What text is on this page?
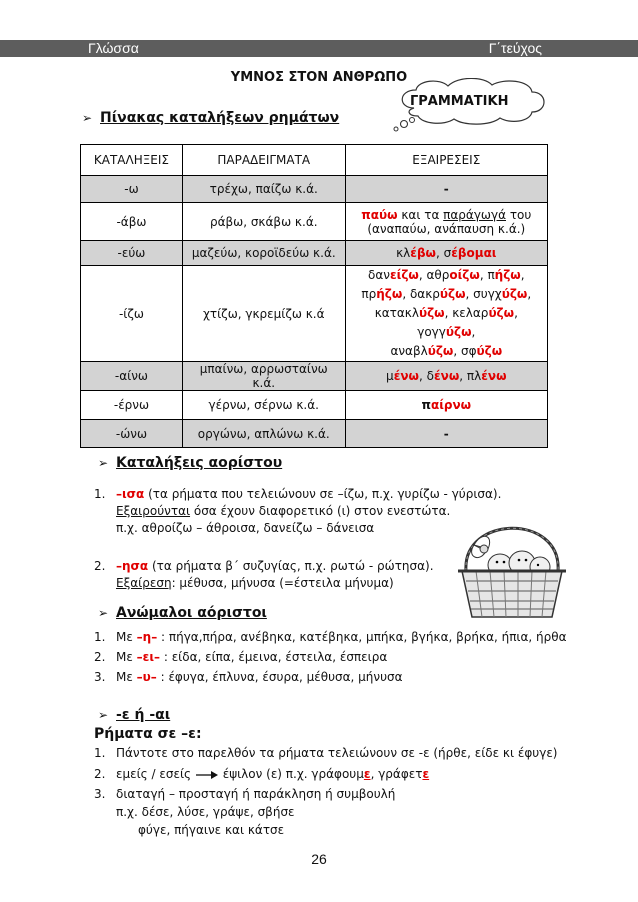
Γλώσσα	Γ΄τεύχος
ΥΜΝΟΣ ΣΤΟΝ ΑΝΘΡΩΠΟ
ΓΡΑΜΜΑΤΙΚΗ
➢ Πίνακας καταλήξεων ρημάτων
ΚΑΤΑΛΗΞΕΙΣ	ΠΑΡΑΔΕΙΓΜΑΤΑ	ΕΞΑΙΡΕΣΕΙΣ
-ω	τρέχω, παίζω κ.ά.	-
-άβω	ράβω, σκάβω κ.ά.	παύω και τα παράγωγά του
(αναπαύω, ανάπαυση κ.ά.)
-εύω	μαζεύω, κοροϊδεύω κ.ά.	κλέβω, σέβομαι
-ίζω	χτίζω, γκρεμίζω κ.ά	δανείζω, αθροίζω, πήζω,
πρήζω, δακρύζω, συγχύζω,
κατακλύζω, κελαρύζω, γογγύζω,
αναβλύζω, σφύζω
-αίνω	μπαίνω, αρρωσταίνω κ.ά.	μένω, δένω, πλένω
-έρνω	γέρνω, σέρνω κ.ά.	παίρνω
-ώνω	οργώνω, απλώνω κ.ά.	-
➢ Καταλήξεις αορίστου
1. –ισα (τα ρήματα που τελειώνουν σε –ίζω, π.χ. γυρίζω - γύρισα).
Εξαιρούνται όσα έχουν διαφορετικό (ι) στον ενεστώτα.
π.χ. αθροίζω – άθροισα, δανείζω – δάνεισα
2. –ησα (τα ρήματα β΄ συζυγίας, π.χ. ρωτώ - ρώτησα).
Εξαίρεση: μέθυσα, μήνυσα (=έστειλα μήνυμα)
➢ Ανώμαλοι αόριστοι
1. Με –η– : πήγα,πήρα, ανέβηκα, κατέβηκα, μπήκα, βγήκα, βρήκα, ήπια, ήρθα
2. Με –ει– : είδα, είπα, έμεινα, έστειλα, έσπειρα
3. Με –υ– : έφυγα, έπλυνα, έσυρα, μέθυσα, μήνυσα
➢ -ε ή -αι
Ρήματα σε –ε:
1. Πάντοτε στο παρελθόν τα ρήματα τελειώνουν σε -ε (ήρθε, είδε κι έφυγε)
2. εμείς / εσείς  έψιλον (ε) π.χ. γράφουμε, γράφετε
3. διαταγή – προσταγή ή παράκληση ή συμβουλή
π.χ. δέσε, λύσε, γράψε, σβήσε
φύγε, πήγαινε και κάτσε
26
